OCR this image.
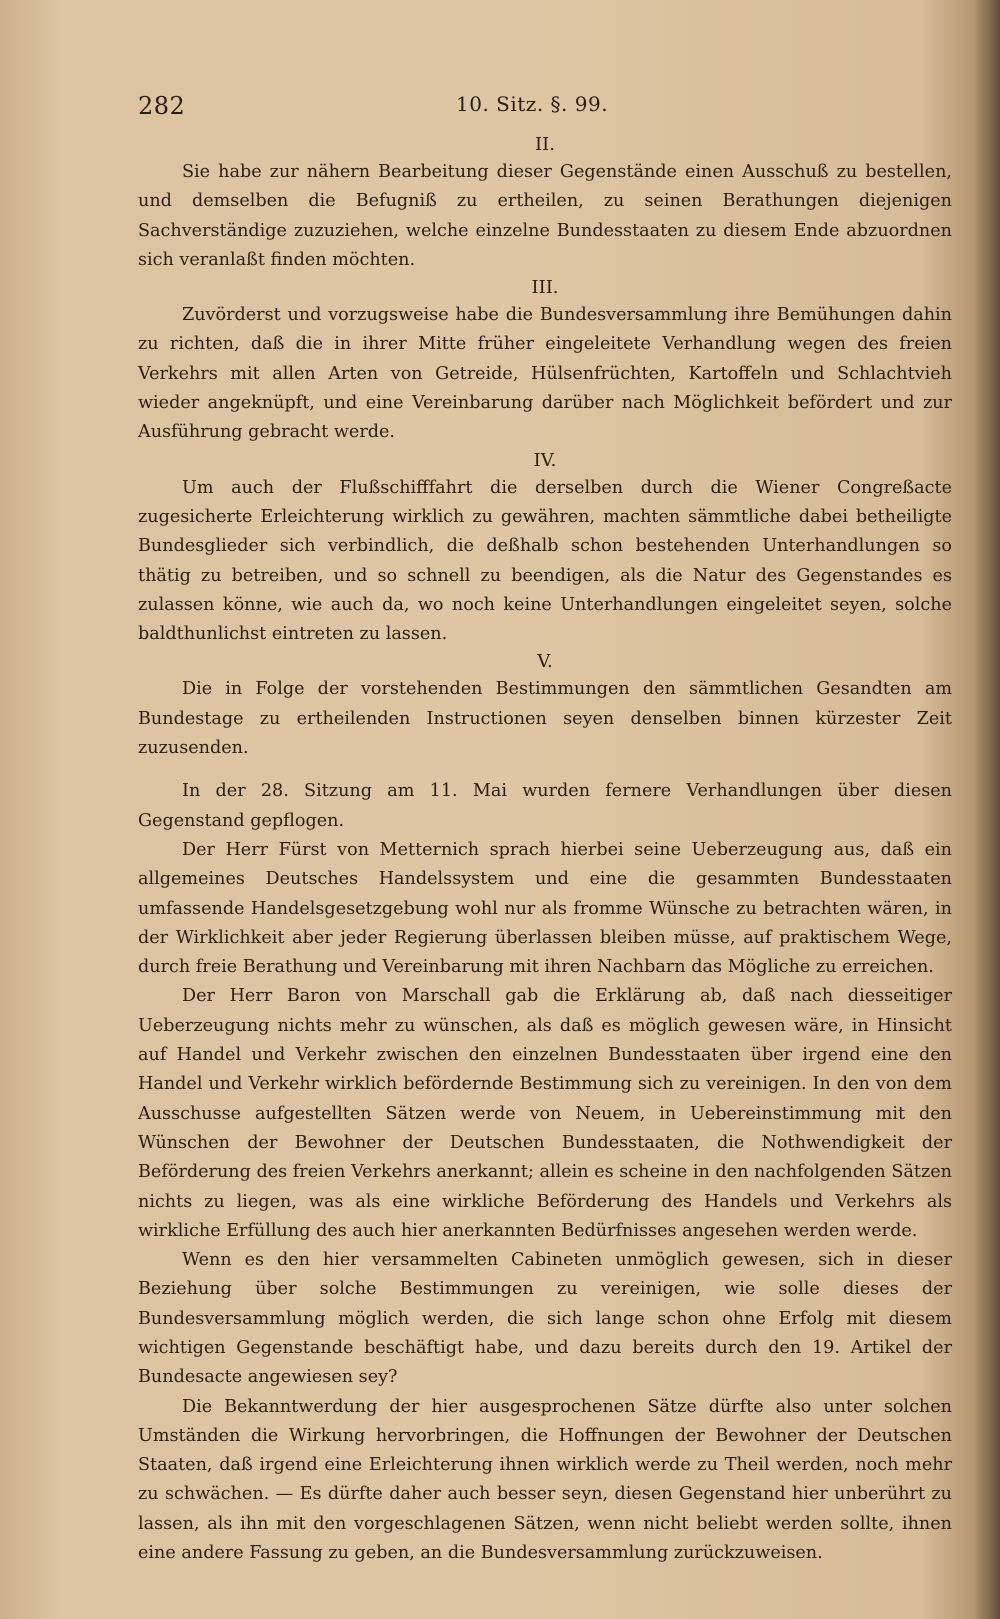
282	10. Sitz. §. 99.
II.

Sie habe zur nähern Bearbeitung dieser Gegenstände einen Ausschuß zu bestellen, und demselben die Befugniß zu ertheilen, zu seinen Berathungen diejenigen Sachverständige zuzuziehen, welche einzelne Bundesstaaten zu diesem Ende abzuordnen sich veranlaßt finden möchten.

III.

Zuvörderst und vorzugsweise habe die Bundesversammlung ihre Bemühungen dahin zu richten, daß die in ihrer Mitte früher eingeleitete Verhandlung wegen des freien Verkehrs mit allen Arten von Getreide, Hülsenfrüchten, Kartoffeln und Schlachtvieh wieder angeknüpft, und eine Vereinbarung darüber nach Möglichkeit befördert und zur Ausführung gebracht werde.

IV.

Um auch der Flußschifffahrt die derselben durch die Wiener Congreßacte zugesicherte Erleichterung wirklich zu gewähren, machten sämmtliche dabei betheiligte Bundesglieder sich verbindlich, die deßhalb schon bestehenden Unterhandlungen so thätig zu betreiben, und so schnell zu beendigen, als die Natur des Gegenstandes es zulassen könne, wie auch da, wo noch keine Unterhandlungen eingeleitet seyen, solche baldthunlichst eintreten zu lassen.

V.

Die in Folge der vorstehenden Bestimmungen den sämmtlichen Gesandten am Bundestage zu ertheilenden Instructionen seyen denselben binnen kürzester Zeit zuzusenden.

In der 28. Sitzung am 11. Mai wurden fernere Verhandlungen über diesen Gegenstand gepflogen.

Der Herr Fürst von Metternich sprach hierbei seine Ueberzeugung aus, daß ein allgemeines Deutsches Handelssystem und eine die gesammten Bundesstaaten umfassende Handelsgesetzgebung wohl nur als fromme Wünsche zu betrachten wären, in der Wirklichkeit aber jeder Regierung überlassen bleiben müsse, auf praktischem Wege, durch freie Berathung und Vereinbarung mit ihren Nachbarn das Mögliche zu erreichen.

Der Herr Baron von Marschall gab die Erklärung ab, daß nach diesseitiger Ueberzeugung nichts mehr zu wünschen, als daß es möglich gewesen wäre, in Hinsicht auf Handel und Verkehr zwischen den einzelnen Bundesstaaten über irgend eine den Handel und Verkehr wirklich befördernde Bestimmung sich zu vereinigen. In den von dem Ausschusse aufgestellten Sätzen werde von Neuem, in Uebereinstimmung mit den Wünschen der Bewohner der Deutschen Bundesstaaten, die Nothwendigkeit der Beförderung des freien Verkehrs anerkannt; allein es scheine in den nachfolgenden Sätzen nichts zu liegen, was als eine wirkliche Beförderung des Handels und Verkehrs als wirkliche Erfüllung des auch hier anerkannten Bedürfnisses angesehen werden werde.

Wenn es den hier versammelten Cabineten unmöglich gewesen, sich in dieser Beziehung über solche Bestimmungen zu vereinigen, wie solle dieses der Bundesversammlung möglich werden, die sich lange schon ohne Erfolg mit diesem wichtigen Gegenstande beschäftigt habe, und dazu bereits durch den 19. Artikel der Bundesacte angewiesen sey?

Die Bekanntwerdung der hier ausgesprochenen Sätze dürfte also unter solchen Umständen die Wirkung hervorbringen, die Hoffnungen der Bewohner der Deutschen Staaten, daß irgend eine Erleichterung ihnen wirklich werde zu Theil werden, noch mehr zu schwächen. — Es dürfte daher auch besser seyn, diesen Gegenstand hier unberührt zu lassen, als ihn mit den vorgeschlagenen Sätzen, wenn nicht beliebt werden sollte, ihnen eine andere Fassung zu geben, an die Bundesversammlung zurückzuweisen.
